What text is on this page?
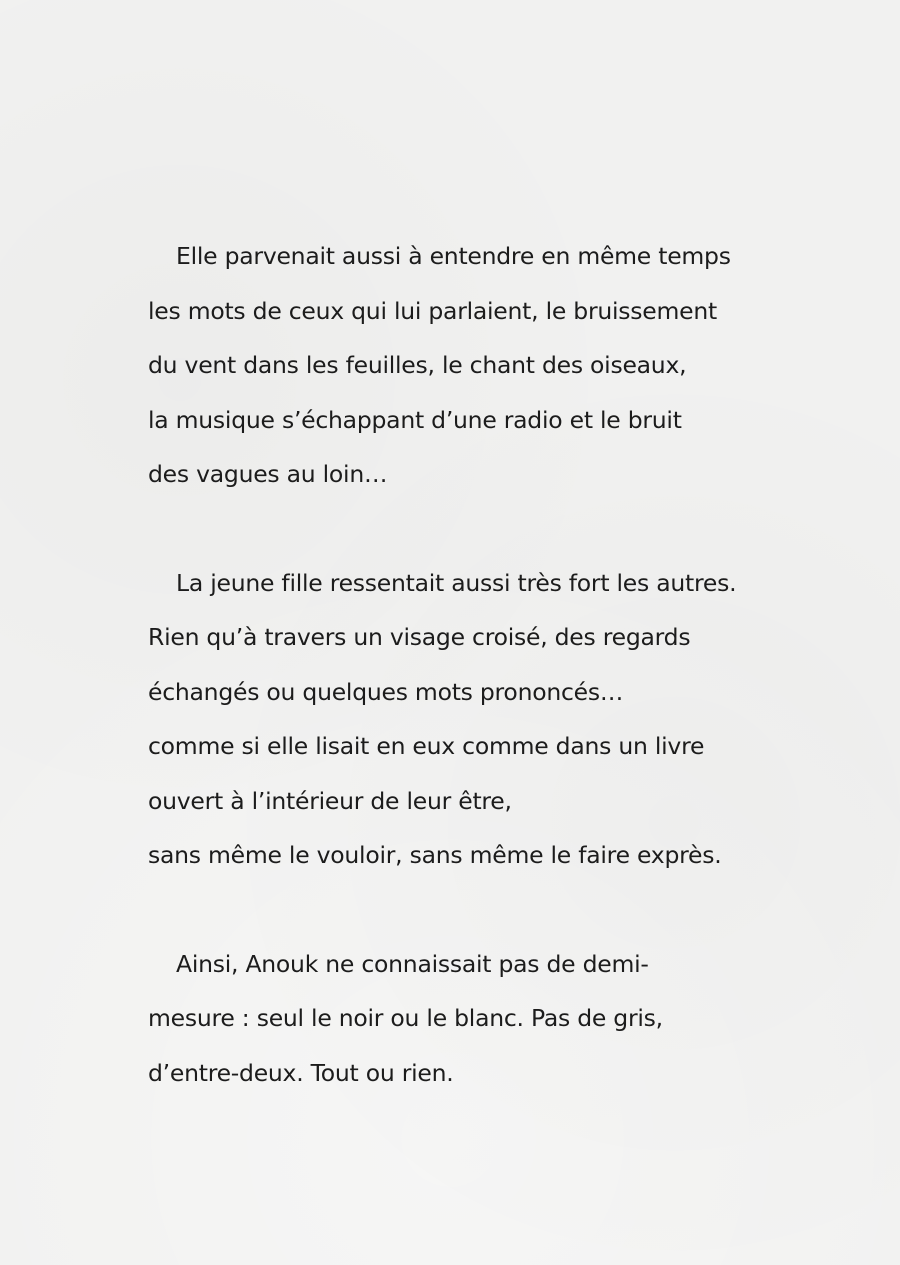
Elle parvenait aussi à entendre en même temps
les mots de ceux qui lui parlaient, le bruissement
du vent dans les feuilles, le chant des oiseaux,
la musique s’échappant d’une radio et le bruit
des vagues au loin…
La jeune fille ressentait aussi très fort les autres.
Rien qu’à travers un visage croisé, des regards
échangés ou quelques mots prononcés…
comme si elle lisait en eux comme dans un livre
ouvert à l’intérieur de leur être,
sans même le vouloir, sans même le faire exprès.
Ainsi, Anouk ne connaissait pas de demi-
mesure : seul le noir ou le blanc. Pas de gris,
d’entre-deux. Tout ou rien.
